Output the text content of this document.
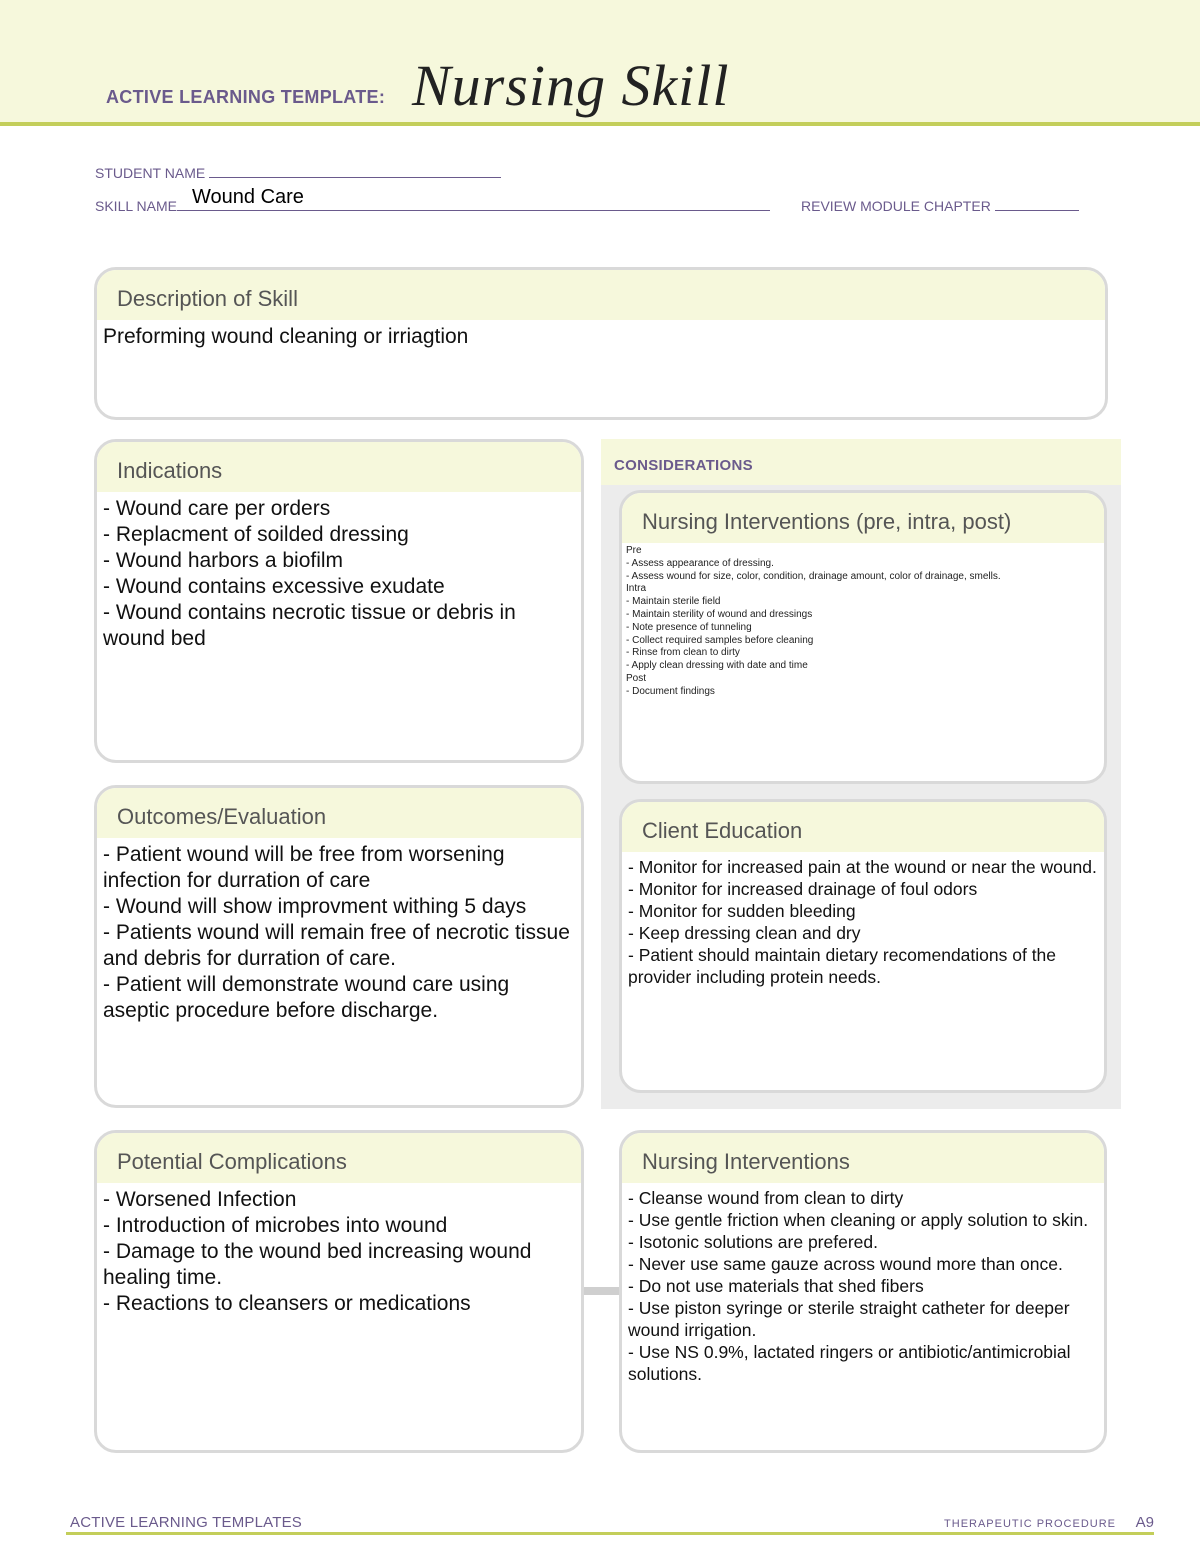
ACTIVE LEARNING TEMPLATE: Nursing Skill
STUDENT NAME
SKILL NAME Wound Care	REVIEW MODULE CHAPTER
Description of Skill
Preforming wound cleaning or irriagtion
CONSIDERATIONS
Indications
- Wound care per orders
- Replacment of soilded dressing
- Wound harbors a biofilm
- Wound contains excessive exudate
- Wound contains necrotic tissue or debris in wound bed
Nursing Interventions (pre, intra, post)
Pre
- Assess appearance of dressing.
- Assess wound for size, color, condition, drainage amount, color of drainage, smells.
Intra
- Maintain sterile field
- Maintain sterility of wound and dressings
- Note presence of tunneling
- Collect required samples before cleaning
- Rinse from clean to dirty
- Apply clean dressing with date and time
Post
- Document findings
Outcomes/Evaluation
- Patient wound will be free from worsening infection for durration of care
- Wound will show improvment withing 5 days
- Patients wound will remain free of necrotic tissue and debris for durration of care.
- Patient will demonstrate wound care using aseptic procedure before discharge.
Client Education
- Monitor for increased pain at the wound or near the wound.
- Monitor for increased drainage of foul odors
- Monitor for sudden bleeding
- Keep dressing clean and dry
- Patient should maintain dietary recomendations of the provider including protein needs.
Potential Complications
- Worsened Infection
- Introduction of microbes into wound
- Damage to the wound bed increasing wound healing time.
- Reactions to cleansers or medications
Nursing Interventions
- Cleanse wound from clean to dirty
- Use gentle friction when cleaning or apply solution to skin.
- Isotonic solutions are prefered.
- Never use same gauze across wound more than once.
- Do not use materials that shed fibers
- Use piston syringe or sterile straight catheter for deeper wound irrigation.
- Use NS 0.9%, lactated ringers or antibiotic/antimicrobial solutions.
ACTIVE LEARNING TEMPLATES	THERAPEUTIC PROCEDURE A9
